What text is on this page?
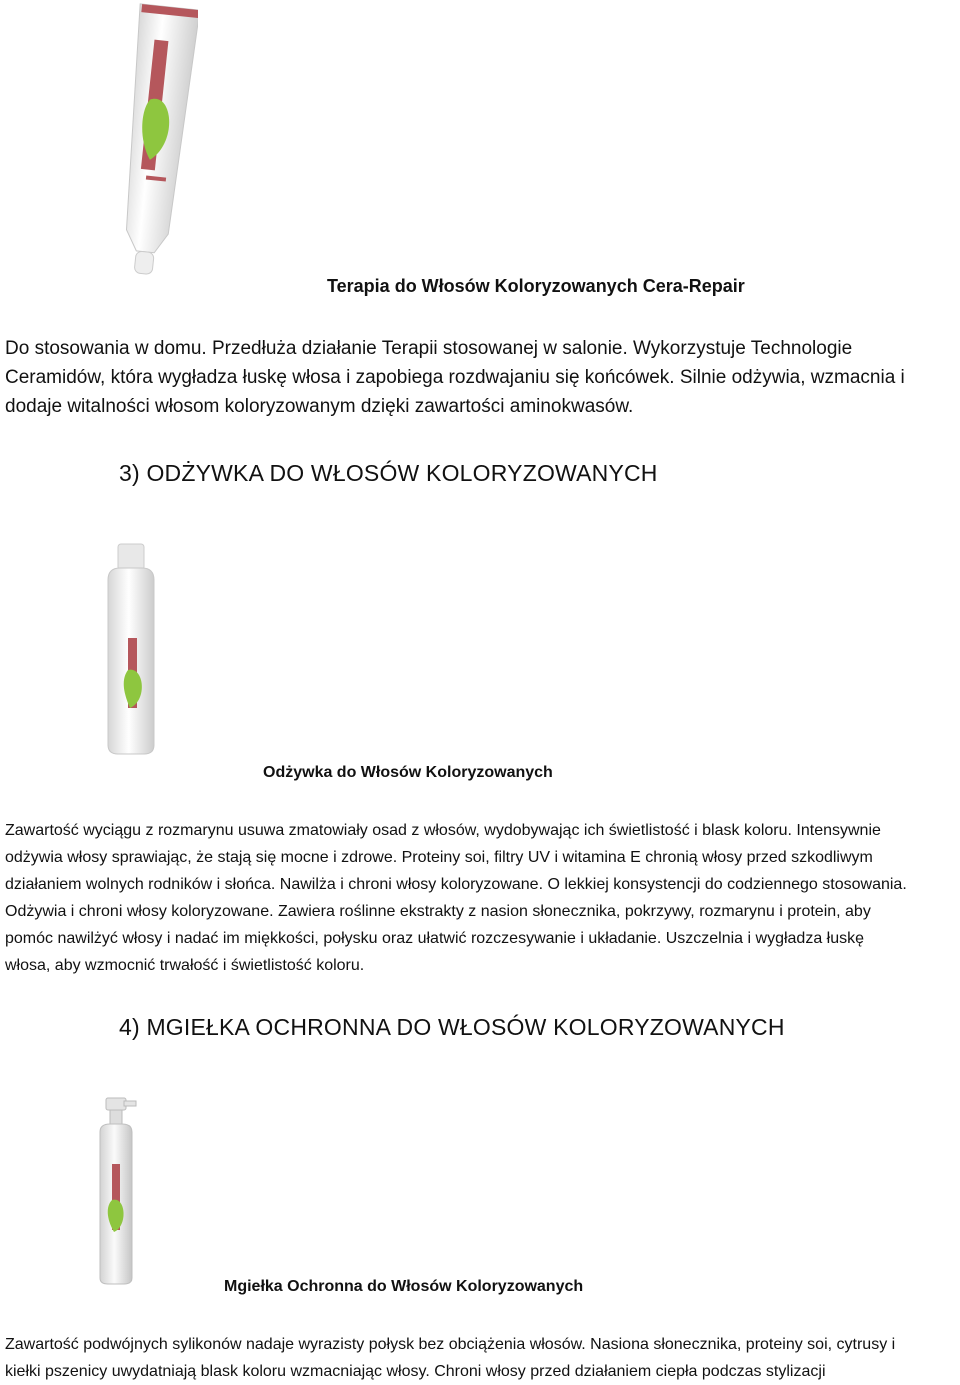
Terapia do Włosów Koloryzowanych Cera-Repair
Do stosowania w domu. Przedłuża działanie Terapii stosowanej w salonie. Wykorzystuje Technologie
Ceramidów, która wygładza łuskę włosa i zapobiega rozdwajaniu się końcówek. Silnie odżywia, wzmacnia i
dodaje witalności włosom koloryzowanym dzięki zawartości aminokwasów.
3) ODŻYWKA DO WŁOSÓW KOLORYZOWANYCH
Odżywka do Włosów Koloryzowanych
Zawartość wyciągu z rozmarynu usuwa zmatowiały osad z włosów, wydobywając ich świetlistość i blask koloru. Intensywnie
odżywia włosy sprawiając, że stają się mocne i zdrowe. Proteiny soi, filtry UV i witamina E chronią włosy przed szkodliwym
działaniem wolnych rodników i słońca. Nawilża i chroni włosy koloryzowane. O lekkiej konsystencji do codziennego stosowania.
Odżywia i chroni włosy koloryzowane. Zawiera roślinne ekstrakty z nasion słonecznika, pokrzywy, rozmarynu i protein, aby
pomóc nawilżyć włosy i nadać im miękkości, połysku oraz ułatwić rozczesywanie i układanie. Uszczelnia i wygładza łuskę
włosa, aby wzmocnić trwałość i świetlistość koloru.
4) MGIEŁKA OCHRONNA DO WŁOSÓW KOLORYZOWANYCH
Mgiełka Ochronna do Włosów Koloryzowanych
Zawartość podwójnych sylikonów nadaje wyrazisty połysk bez obciążenia włosów. Nasiona słonecznika, proteiny soi, cytrusy i
kiełki pszenicy uwydatniają blask koloru wzmacniając włosy. Chroni włosy przed działaniem ciepła podczas stylizacji
